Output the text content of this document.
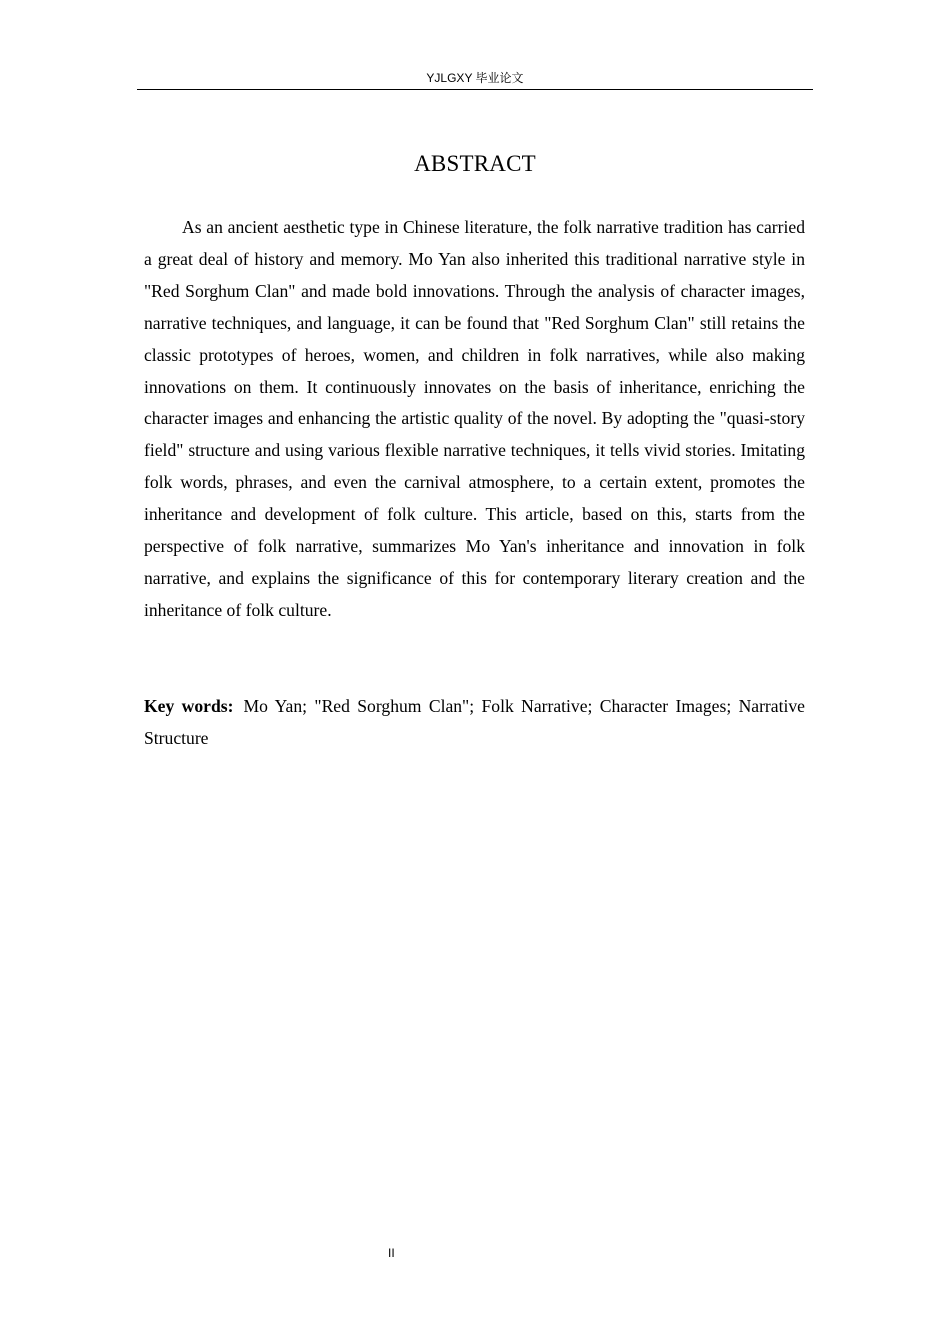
YJLGXY 毕业论文
ABSTRACT

As an ancient aesthetic type in Chinese literature, the folk narrative tradition has carried a great deal of history and memory. Mo Yan also inherited this traditional narrative style in "Red Sorghum Clan" and made bold innovations. Through the analysis of character images, narrative techniques, and language, it can be found that "Red Sorghum Clan" still retains the classic prototypes of heroes, women, and children in folk narratives, while also making innovations on them. It continuously innovates on the basis of inheritance, enriching the character images and enhancing the artistic quality of the novel. By adopting the "quasi-story field" structure and using various flexible narrative techniques, it tells vivid stories. Imitating folk words, phrases, and even the carnival atmosphere, to a certain extent, promotes the inheritance and development of folk culture. This article, based on this, starts from the perspective of folk narrative, summarizes Mo Yan's inheritance and innovation in folk narrative, and explains the significance of this for contemporary literary creation and the inheritance of folk culture.

Key words: Mo Yan; "Red Sorghum Clan"; Folk Narrative; Character Images; Narrative Structure

II
